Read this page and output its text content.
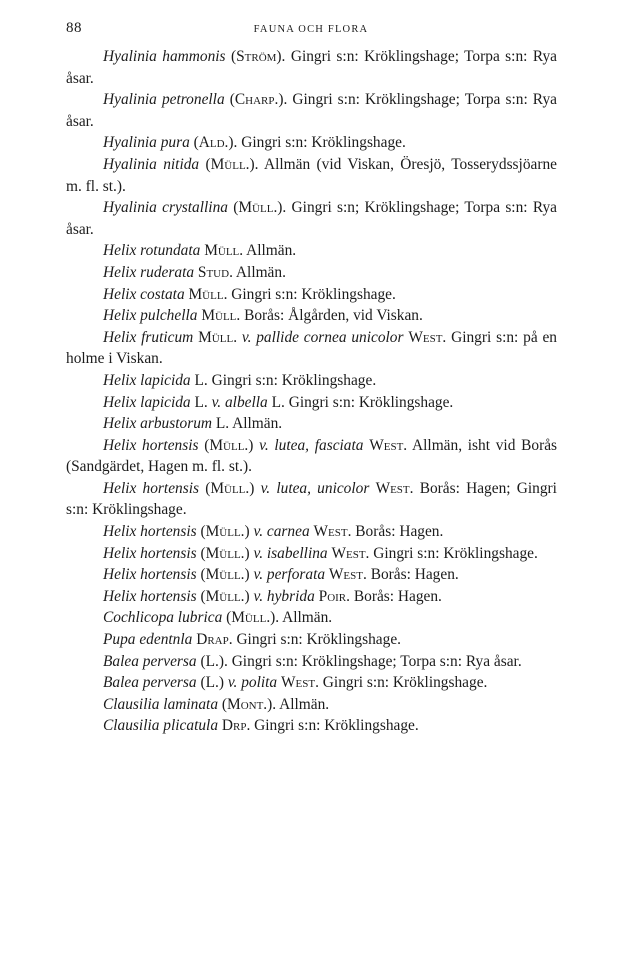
88	FAUNA OCH FLORA

Hyalinia hammonis (Ström). Gingri s:n: Kröklingshage; Torpa s:n: Rya åsar.

Hyalinia petronella (Charp.). Gingri s:n: Kröklingshage; Torpa s:n: Rya åsar.

Hyalinia pura (Ald.). Gingri s:n: Kröklingshage.

Hyalinia nitida (Müll.). Allmän (vid Viskan, Öresjö, Tosserydssjöarne m. fl. st.).

Hyalinia crystallina (Müll.). Gingri s:n; Kröklingshage; Torpa s:n: Rya åsar.

Helix rotundata Müll. Allmän.

Helix ruderata Stud. Allmän.

Helix costata Müll. Gingri s:n: Kröklingshage.

Helix pulchella Müll. Borås: Ålgården, vid Viskan.

Helix fruticum Müll. v. pallide cornea unicolor West. Gingri s:n: på en holme i Viskan.

Helix lapicida L. Gingri s:n: Kröklingshage.

Helix lapicida L. v. albella L. Gingri s:n: Kröklingshage.

Helix arbustorum L. Allmän.

Helix hortensis (Müll.) v. lutea, fasciata West. Allmän, isht vid Borås (Sandgärdet, Hagen m. fl. st.).

Helix hortensis (Müll.) v. lutea, unicolor West. Borås: Hagen; Gingri s:n: Kröklingshage.

Helix hortensis (Müll.) v. carnea West. Borås: Hagen.

Helix hortensis (Müll.) v. isabellina West. Gingri s:n: Kröklingshage.

Helix hortensis (Müll.) v. perforata West. Borås: Hagen.

Helix hortensis (Müll.) v. hybrida Poir. Borås: Hagen.

Cochlicopa lubrica (Müll.). Allmän.

Pupa edentnla Drap. Gingri s:n: Kröklingshage.

Balea perversa (L.). Gingri s:n: Kröklingshage; Torpa s:n: Rya åsar.

Balea perversa (L.) v. polita West. Gingri s:n: Kröklingshage.

Clausilia laminata (Mont.). Allmän.

Clausilia plicatula Drp. Gingri s:n: Kröklingshage.
